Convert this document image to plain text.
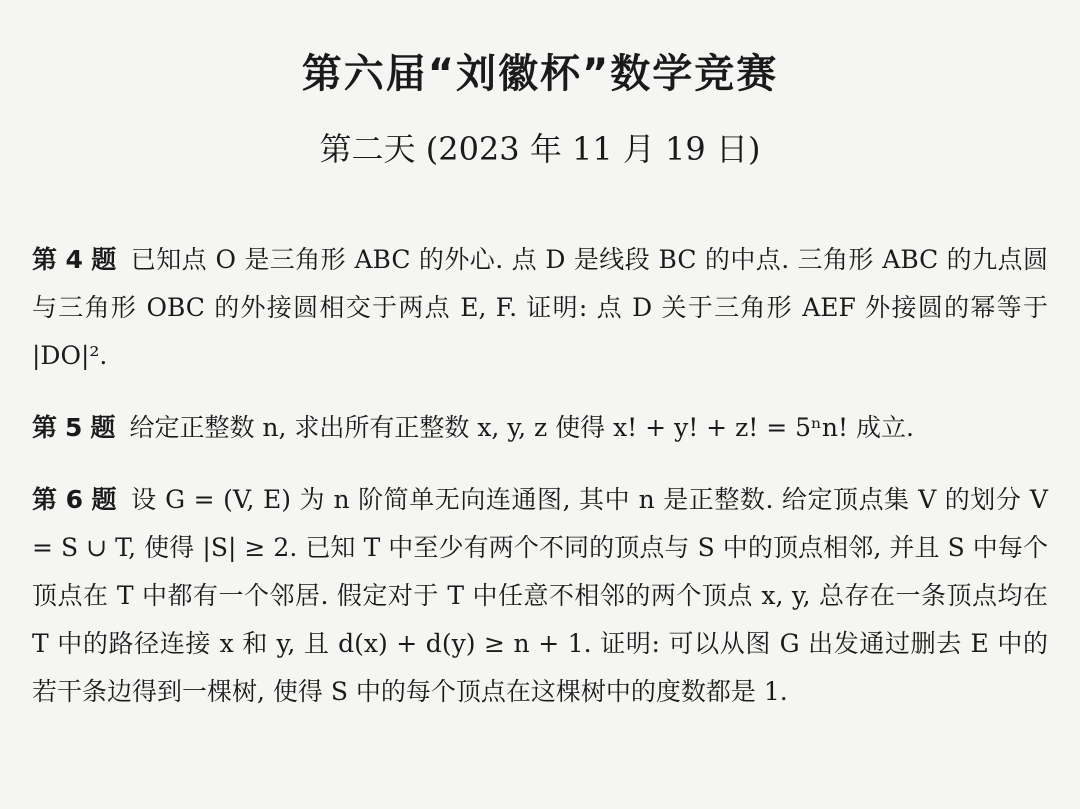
第六届“刘徽杯”数学竞赛
第二天 (2023 年 11 月 19 日)
第 4 题 已知点 O 是三角形 ABC 的外心. 点 D 是线段 BC 的中点. 三角形 ABC 的九点圆与三角形 OBC 的外接圆相交于两点 E, F. 证明: 点 D 关于三角形 AEF 外接圆的幂等于 |DO|².
第 5 题 给定正整数 n, 求出所有正整数 x, y, z 使得 x! + y! + z! = 5ⁿn! 成立.
第 6 题 设 G = (V, E) 为 n 阶简单无向连通图, 其中 n 是正整数. 给定顶点集 V 的划分 V = S ∪ T, 使得 |S| ≥ 2. 已知 T 中至少有两个不同的顶点与 S 中的顶点相邻, 并且 S 中每个顶点在 T 中都有一个邻居. 假定对于 T 中任意不相邻的两个顶点 x, y, 总存在一条顶点均在 T 中的路径连接 x 和 y, 且 d(x) + d(y) ≥ n + 1. 证明: 可以从图 G 出发通过删去 E 中的若干条边得到一棵树, 使得 S 中的每个顶点在这棵树中的度数都是 1.
